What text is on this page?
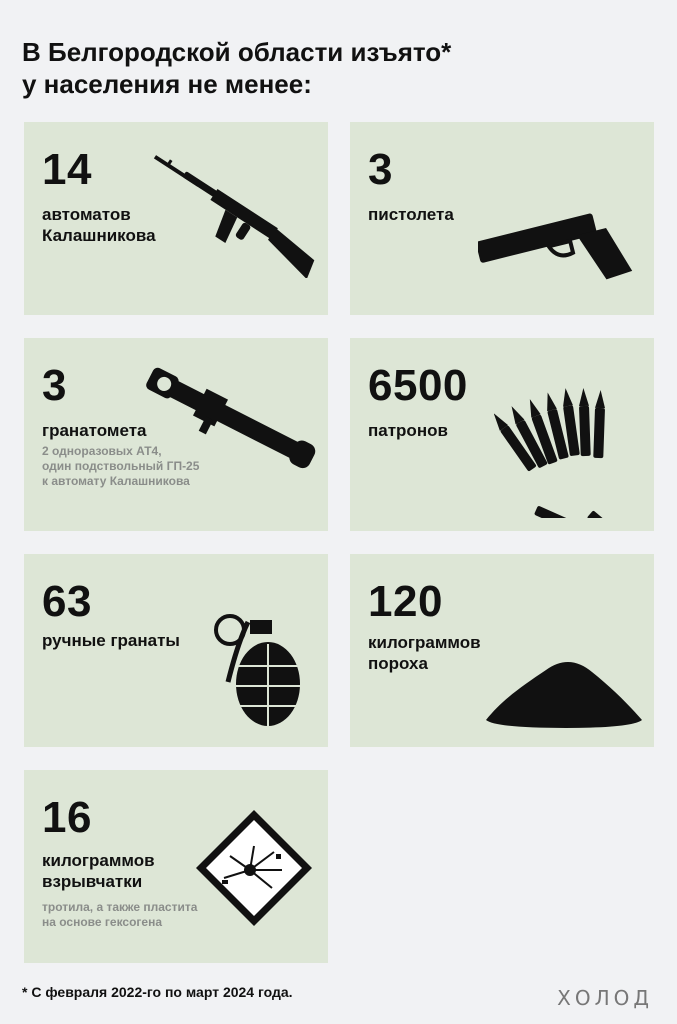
В Белгородской области изъято*
у населения не менее:
14
автоматов
Калашникова
3
пистолета
3
гранатомета
2 одноразовых АТ4,
один подствольный ГП-25
к автомату Калашникова
6500
патронов
63
ручные гранаты
120
килограммов
пороха
16
килограммов
взрывчатки
тротила, а также пластита
на основе гексогена
* С февраля 2022-го по март 2024 года.	ХОЛОД
